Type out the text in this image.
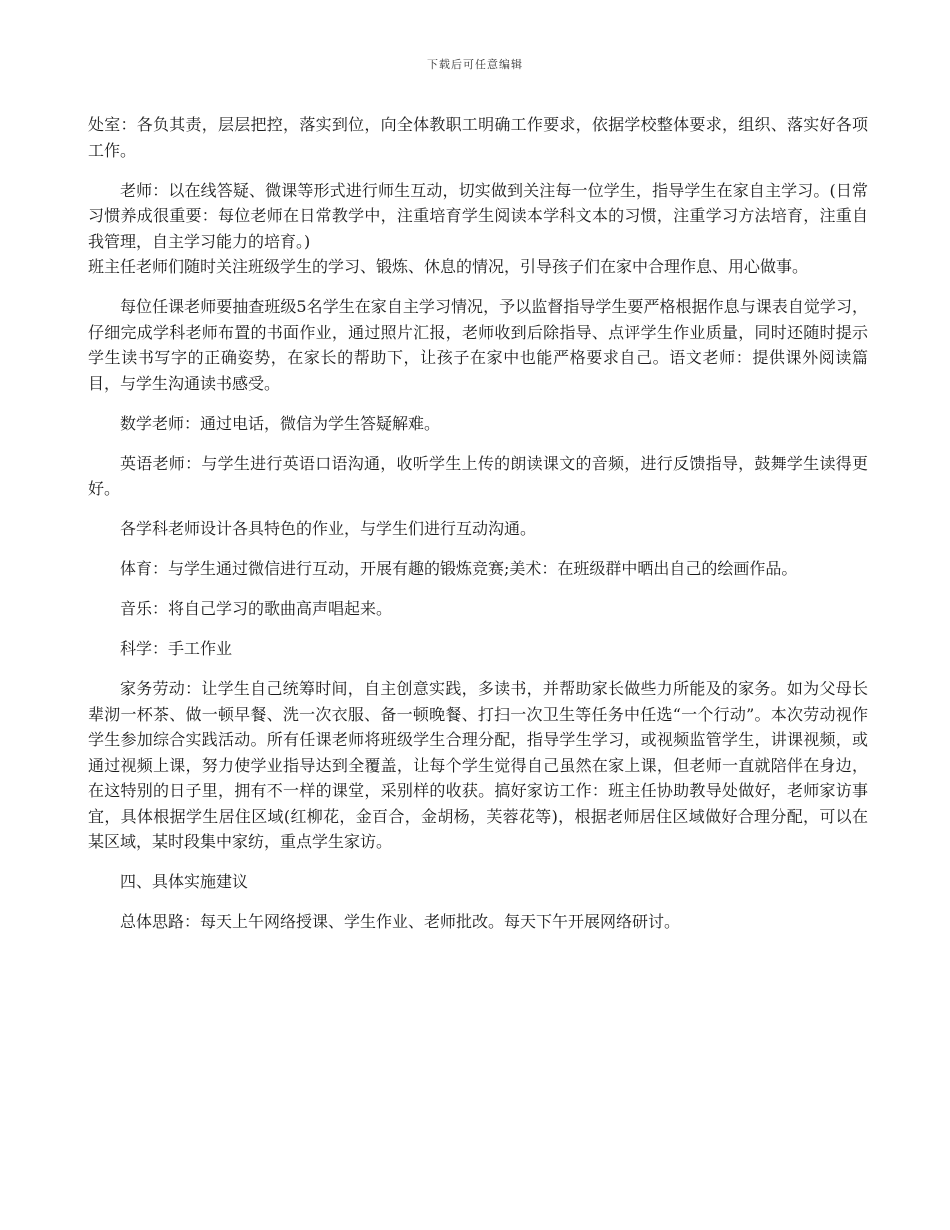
下载后可任意编辑

处室：各负其责，层层把控，落实到位，向全体教职工明确工作要求，依据学校整体要求，组织、落实好各项工作。

老师：以在线答疑、微课等形式进行师生互动，切实做到关注每一位学生，指导学生在家自主学习。(日常习惯养成很重要：每位老师在日常教学中，注重培育学生阅读本学科文本的习惯，注重学习方法培育，注重自我管理，自主学习能力的培育。)

班主任老师们随时关注班级学生的学习、锻炼、休息的情况，引导孩子们在家中合理作息、用心做事。

每位任课老师要抽查班级5名学生在家自主学习情况，予以监督指导学生要严格根据作息与课表自觉学习，仔细完成学科老师布置的书面作业，通过照片汇报，老师收到后除指导、点评学生作业质量，同时还随时提示学生读书写字的正确姿势，在家长的帮助下，让孩子在家中也能严格要求自己。语文老师：提供课外阅读篇目，与学生沟通读书感受。

数学老师：通过电话，微信为学生答疑解难。

英语老师：与学生进行英语口语沟通，收听学生上传的朗读课文的音频，进行反馈指导，鼓舞学生读得更好。

各学科老师设计各具特色的作业，与学生们进行互动沟通。

体育：与学生通过微信进行互动，开展有趣的锻炼竞赛;美术：在班级群中晒出自己的绘画作品。

音乐：将自己学习的歌曲高声唱起来。

科学：手工作业

家务劳动：让学生自己统筹时间，自主创意实践，多读书，并帮助家长做些力所能及的家务。如为父母长辈沏一杯茶、做一顿早餐、洗一次衣服、备一顿晚餐、打扫一次卫生等任务中任选“一个行动”。本次劳动视作学生参加综合实践活动。所有任课老师将班级学生合理分配，指导学生学习，或视频监管学生，讲课视频，或通过视频上课，努力使学业指导达到全覆盖，让每个学生觉得自己虽然在家上课，但老师一直就陪伴在身边，在这特别的日子里，拥有不一样的课堂，采别样的收获。搞好家访工作：班主任协助教导处做好，老师家访事宜，具体根据学生居住区域(红柳花，金百合，金胡杨，芙蓉花等)，根据老师居住区域做好合理分配，可以在某区域，某时段集中家纺，重点学生家访。

四、具体实施建议

总体思路：每天上午网络授课、学生作业、老师批改。每天下午开展网络研讨。
